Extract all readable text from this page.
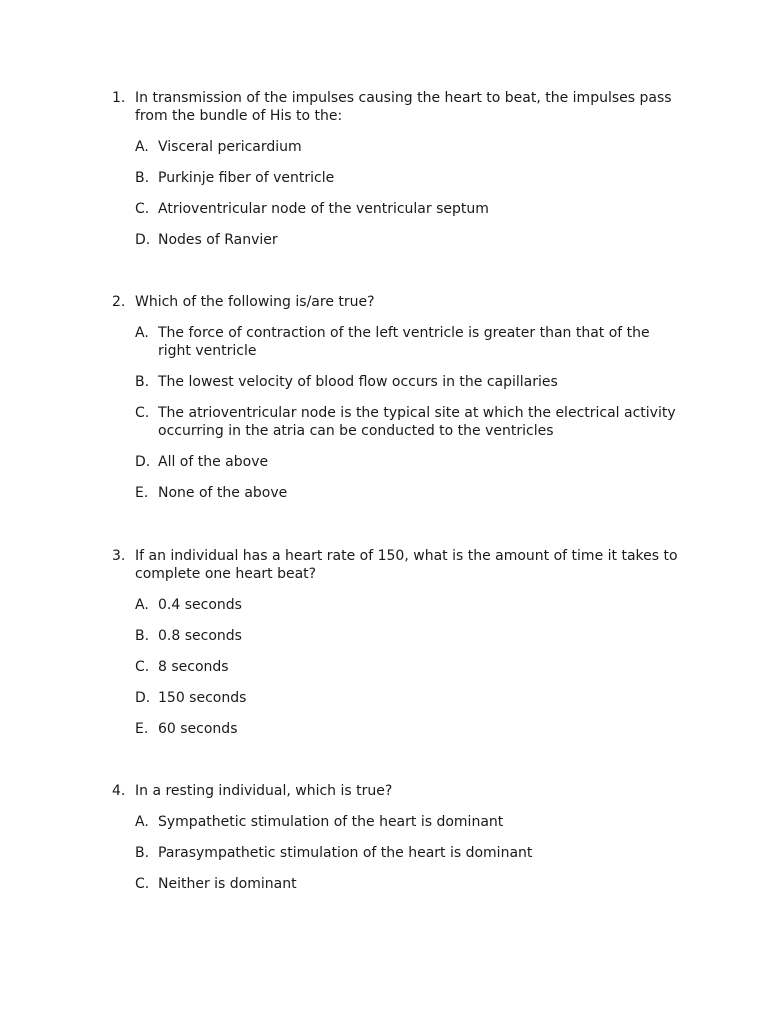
1. In transmission of the impulses causing the heart to beat, the impulses pass from the bundle of His to the:

A. Visceral pericardium
B. Purkinje fiber of ventricle
C. Atrioventricular node of the ventricular septum
D. Nodes of Ranvier

2. Which of the following is/are true?

A. The force of contraction of the left ventricle is greater than that of the right ventricle
B. The lowest velocity of blood flow occurs in the capillaries
C. The atrioventricular node is the typical site at which the electrical activity occurring in the atria can be conducted to the ventricles
D. All of the above
E. None of the above

3. If an individual has a heart rate of 150, what is the amount of time it takes to complete one heart beat?

A. 0.4 seconds
B. 0.8 seconds
C. 8 seconds
D. 150 seconds
E. 60 seconds

4. In a resting individual, which is true?

A. Sympathetic stimulation of the heart is dominant
B. Parasympathetic stimulation of the heart is dominant
C. Neither is dominant
